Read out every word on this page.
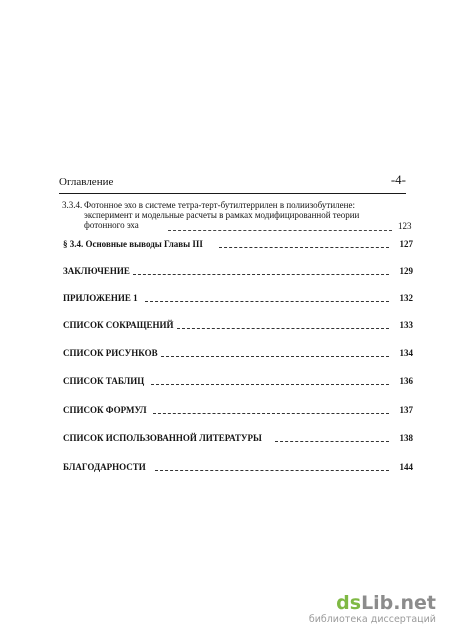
Оглавление	-4-
3.3.4. Фотонное эхо в системе тетра-терт-бутилтеррилен в полиизобутилене:
эксперимент и модельные расчеты в рамках модифицированной теории
фотонного эха	123
§ 3.4. Основные выводы Главы III	127
ЗАКЛЮЧЕНИЕ	129
ПРИЛОЖЕНИЕ 1	132
СПИСОК СОКРАЩЕНИЙ	133
СПИСОК РИСУНКОВ	134
СПИСОК ТАБЛИЦ	136
СПИСОК ФОРМУЛ	137
СПИСОК ИСПОЛЬЗОВАННОЙ ЛИТЕРАТУРЫ	138
БЛАГОДАРНОСТИ	144
dsLib.net
библиотека диссертаций
